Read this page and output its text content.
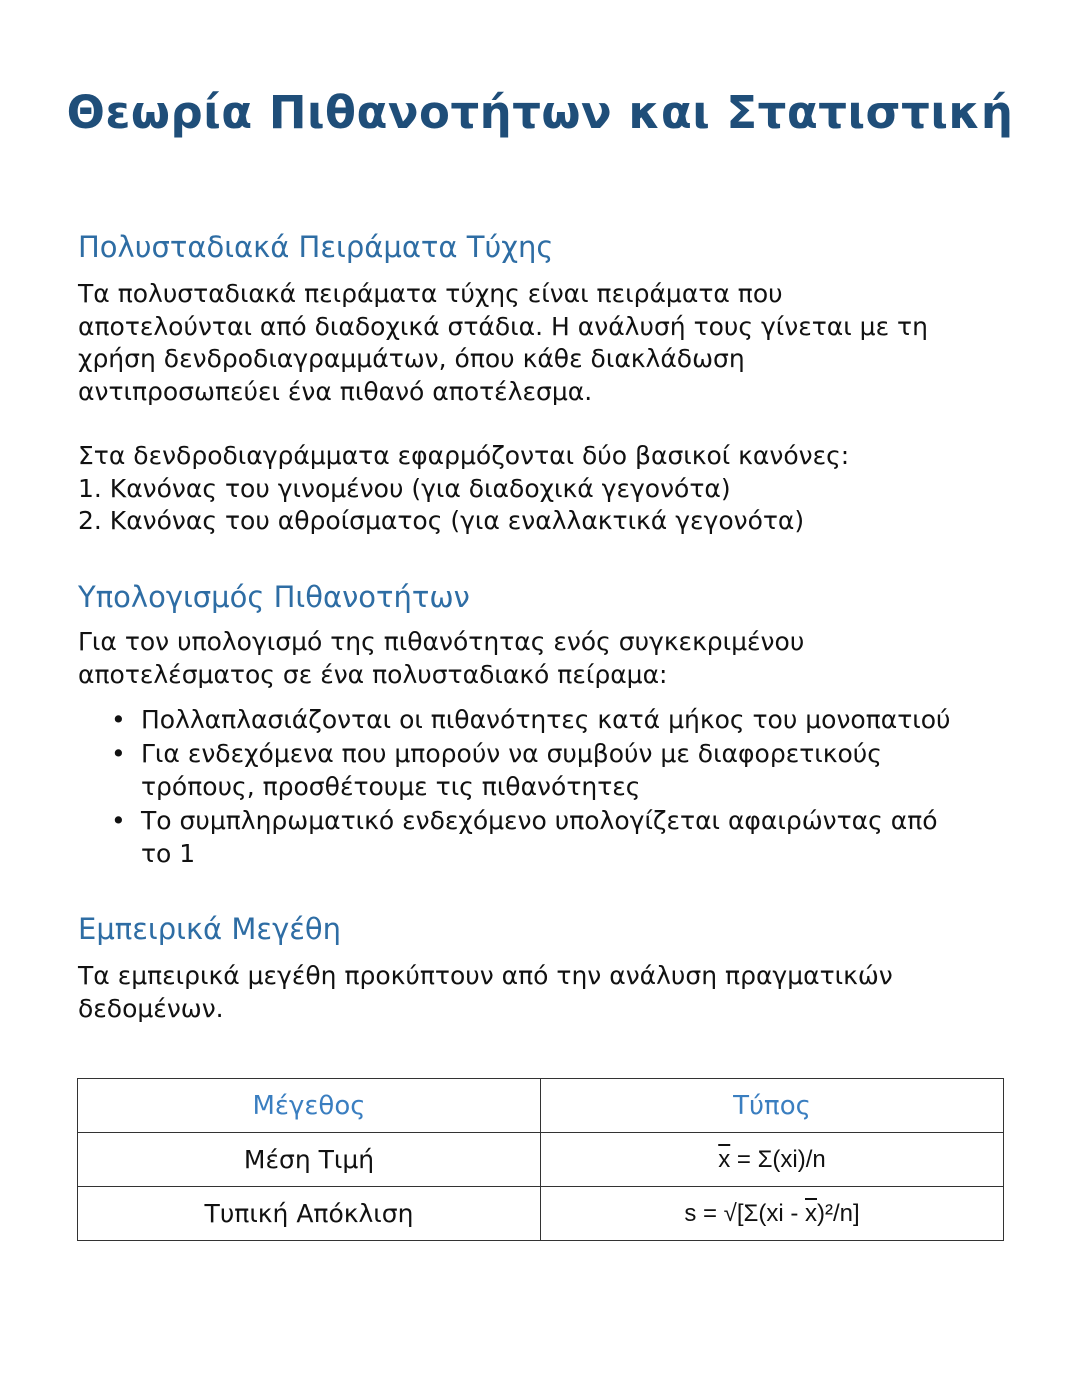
Θεωρία Πιθανοτήτων και Στατιστική
Πολυσταδιακά Πειράματα Τύχης

Τα πολυσταδιακά πειράματα τύχης είναι πειράματα που
αποτελούνται από διαδοχικά στάδια. Η ανάλυσή τους γίνεται με τη
χρήση δενδροδιαγραμμάτων, όπου κάθε διακλάδωση
αντιπροσωπεύει ένα πιθανό αποτέλεσμα.

Στα δενδροδιαγράμματα εφαρμόζονται δύο βασικοί κανόνες:
1. Κανόνας του γινομένου (για διαδοχικά γεγονότα)
2. Κανόνας του αθροίσματος (για εναλλακτικά γεγονότα)

Υπολογισμός Πιθανοτήτων

Για τον υπολογισμό της πιθανότητας ενός συγκεκριμένου
αποτελέσματος σε ένα πολυσταδιακό πείραμα:

• Πολλαπλασιάζονται οι πιθανότητες κατά μήκος του μονοπατιού
• Για ενδεχόμενα που μπορούν να συμβούν με διαφορετικούς
τρόπους, προσθέτουμε τις πιθανότητες
• Το συμπληρωματικό ενδεχόμενο υπολογίζεται αφαιρώντας από
το 1
Εμπειρικά Μεγέθη

Τα εμπειρικά μεγέθη προκύπτουν από την ανάλυση πραγματικών
δεδομένων.

Μέγεθος	Τύπος
Μέση Τιμή	$\overline{x} = \Sigma(xi)/n$
Τυπική Απόκλιση	$s = √[\Sigma(xi - \overline{x})^2/n]$
